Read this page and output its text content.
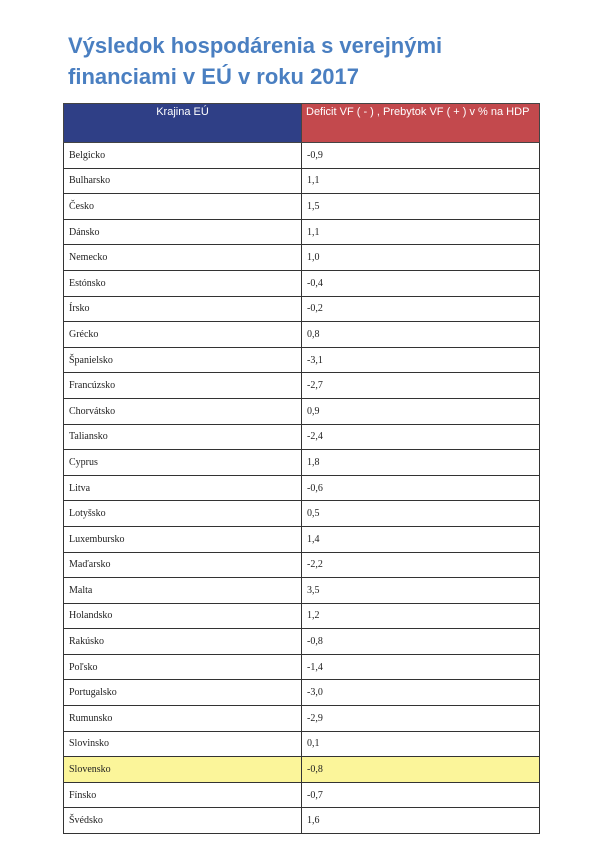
Výsledok hospodárenia s verejnými financiami v EÚ v roku 2017
Krajina EÚ	Deficit VF ( - ) , Prebytok VF ( + ) v % na HDP
Belgicko	-0,9
Bulharsko	1,1
Česko	1,5
Dánsko	1,1
Nemecko	1,0
Estónsko	-0,4
Írsko	-0,2
Grécko	0,8
Španielsko	-3,1
Francúzsko	-2,7
Chorvátsko	0,9
Taliansko	-2,4
Cyprus	1,8
Litva	-0,6
Lotyšsko	0,5
Luxembursko	1,4
Maďarsko	-2,2
Malta	3,5
Holandsko	1,2
Rakúsko	-0,8
Poľsko	-1,4
Portugalsko	-3,0
Rumunsko	-2,9
Slovinsko	0,1
Slovensko	-0,8
Fínsko	-0,7
Švédsko	1,6
